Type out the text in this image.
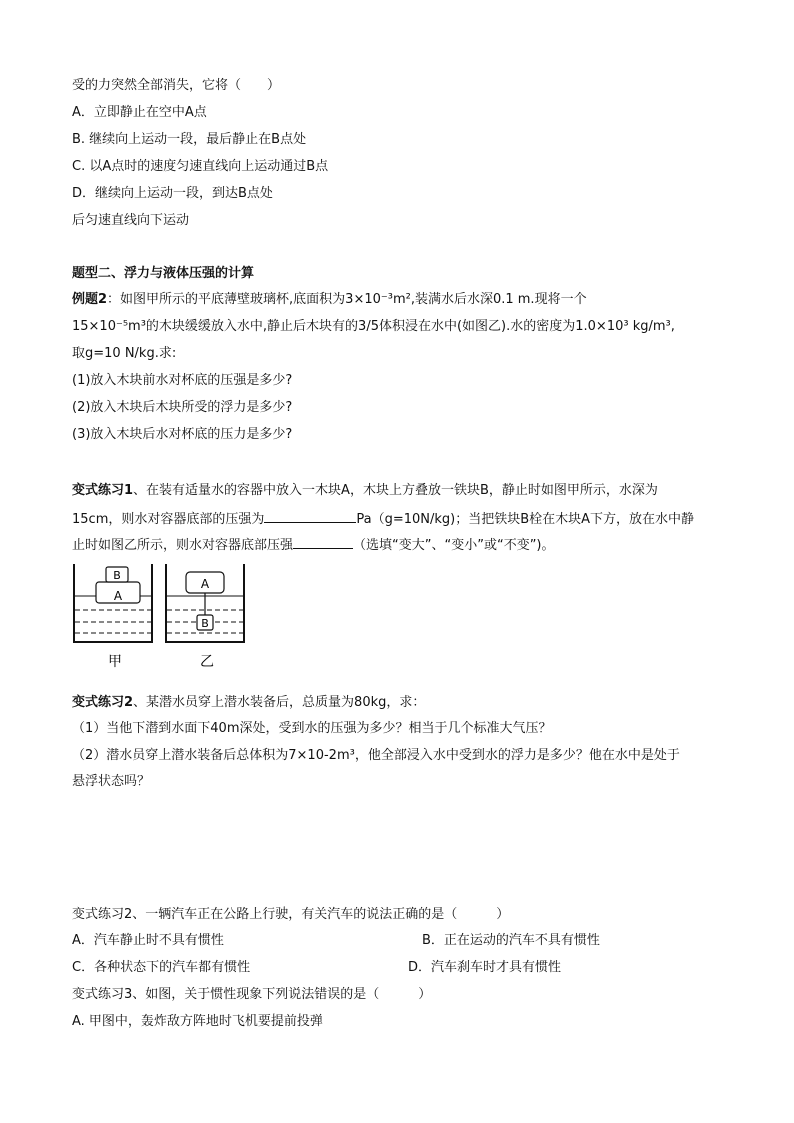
受的力突然全部消失，它将（　　）
A．立即静止在空中A点
B. 继续向上运动一段，最后静止在B点处
C. 以A点时的速度匀速直线向上运动通过B点
D．继续向上运动一段，到达B点处
后匀速直线向下运动
题型二、浮力与液体压强的计算
例题2：如图甲所示的平底薄壁玻璃杯,底面积为3×10⁻³m²,装满水后水深0.1 m.现将一个
15×10⁻⁵m³的木块缓缓放入水中,静止后木块有的3/5体积浸在水中(如图乙).水的密度为1.0×10³ kg/m³,
取g=10 N/kg.求:
(1)放入木块前水对杯底的压强是多少?
(2)放入木块后木块所受的浮力是多少?
(3)放入木块后水对杯底的压力是多少?
变式练习1、在装有适量水的容器中放入一木块A，木块上方叠放一铁块B，静止时如图甲所示，水深为
15cm，则水对容器底部的压强为	Pa（g=10N/kg)；当把铁块B栓在木块A下方，放在水中静
止时如图乙所示，则水对容器底部压强	（选填“变大”、“变小”或“不变”)。
A
B
A
B
甲	乙
变式练习2、某潜水员穿上潜水装备后，总质量为80kg，求：
（1）当他下潜到水面下40m深处，受到水的压强为多少？相当于几个标准大气压？
（2）潜水员穿上潜水装备后总体积为7×10-2m³，他全部浸入水中受到水的浮力是多少？他在水中是处于
悬浮状态吗？
变式练习2、一辆汽车正在公路上行驶，有关汽车的说法正确的是（　　　）
A．汽车静止时不具有惯性	B．正在运动的汽车不具有惯性
C．各种状态下的汽车都有惯性	D．汽车刹车时才具有惯性
变式练习3、如图，关于惯性现象下列说法错误的是（　　　）
A. 甲图中，轰炸敌方阵地时飞机要提前投弹
